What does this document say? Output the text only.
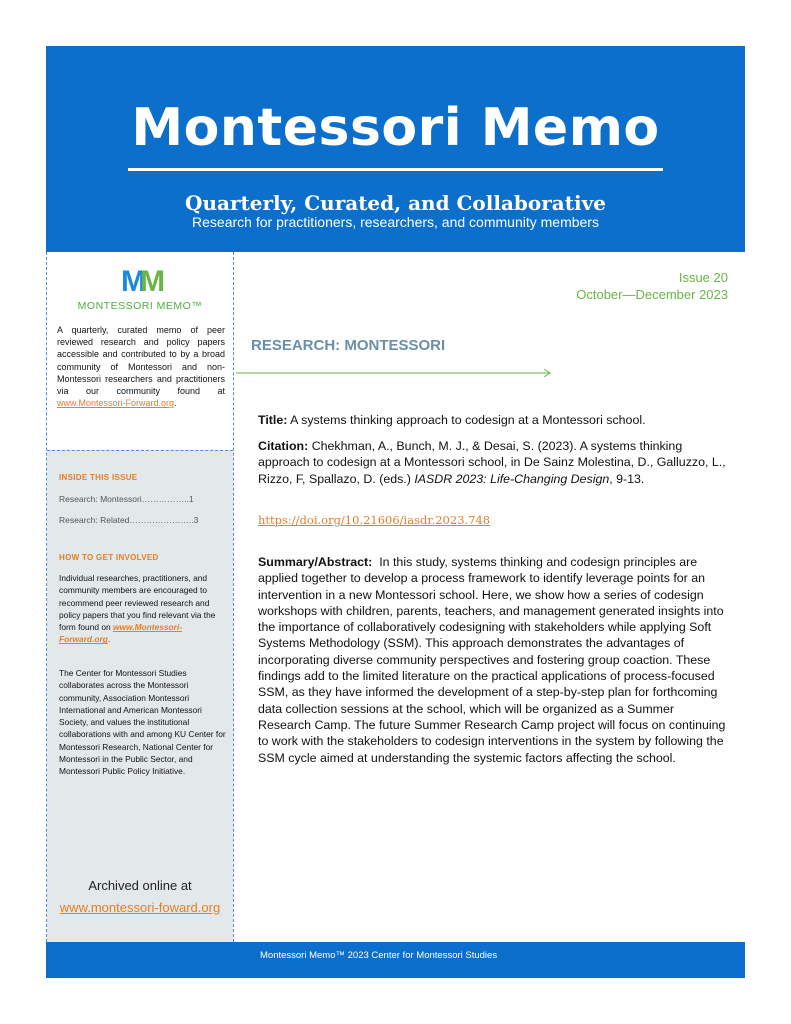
Montessori Memo
Quarterly, Curated, and Collaborative
Research for practitioners, researchers, and community members
MM
MONTESSORI MEMO™
A quarterly, curated memo of peer reviewed research and policy papers accessible and contributed to by a broad community of Montessori and non-Montessori researchers and practitioners via our community found at www.Montessori-Forward.org.
INSIDE THIS ISSUE
Research: Montessori……………..1
Research: Related…………………..3
HOW TO GET INVOLVED
Individual researches, practitioners, and community members are encouraged to recommend peer reviewed research and policy papers that you find relevant via the form found on www.Montessori-Forward.org.
The Center for Montessori Studies collaborates across the Montessori community, Association Montessori International and American Montessori Society, and values the institutional collaborations with and among KU Center for Montessori Research, National Center for Montessori in the Public Sector, and Montessori Public Policy Initiative.
Archived online at
www.montessori-foward.org
Issue 20
October—December 2023
RESEARCH: MONTESSORI
Title: A systems thinking approach to codesign at a Montessori school.
Citation: Chekhman, A., Bunch, M. J., & Desai, S. (2023). A systems thinking approach to codesign at a Montessori school, in De Sainz Molestina, D., Galluzzo, L., Rizzo, F, Spallazo, D. (eds.) IASDR 2023: Life-Changing Design, 9-13.
https://doi.org/10.21606/iasdr.2023.748
Summary/Abstract: In this study, systems thinking and codesign principles are applied together to develop a process framework to identify leverage points for an intervention in a new Montessori school. Here, we show how a series of codesign workshops with children, parents, teachers, and management generated insights into the importance of collaboratively codesigning with stakeholders while applying Soft Systems Methodology (SSM). This approach demonstrates the advantages of incorporating diverse community perspectives and fostering group coaction. These findings add to the limited literature on the practical applications of process-focused SSM, as they have informed the development of a step-by-step plan for forthcoming data collection sessions at the school, which will be organized as a Summer Research Camp. The future Summer Research Camp project will focus on continuing to work with the stakeholders to codesign interventions in the system by following the SSM cycle aimed at understanding the systemic factors affecting the school.
Montessori Memo™ 2023 Center for Montessori Studies
